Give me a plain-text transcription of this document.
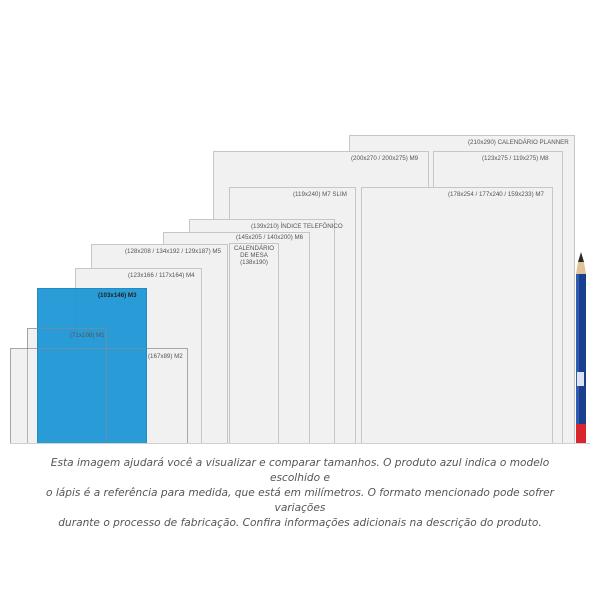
(210x290) CALENDÁRIO PLANNER
(200x270 / 200x275) M9	(123x275 / 119x275) M8
(119x240) M7 SLIM	(178x254 / 177x240 / 159x233) M7
(139x210) ÍNDICE TELEFÔNICO
(145x205 / 140x200) M6
(128x208 / 134x192 / 129x187) M5	CALENDÁRIO DE MESA (138x190)
(123x166 / 117x164) M4
(167x89) M2
(103x146) M3
(71x108) M1
Esta imagem ajudará você a visualizar e comparar tamanhos. O produto azul indica o modelo escolhido e
o lápis é a referência para medida, que está em milímetros. O formato mencionado pode sofrer variações
durante o processo de fabricação. Confira informações adicionais na descrição do produto.
